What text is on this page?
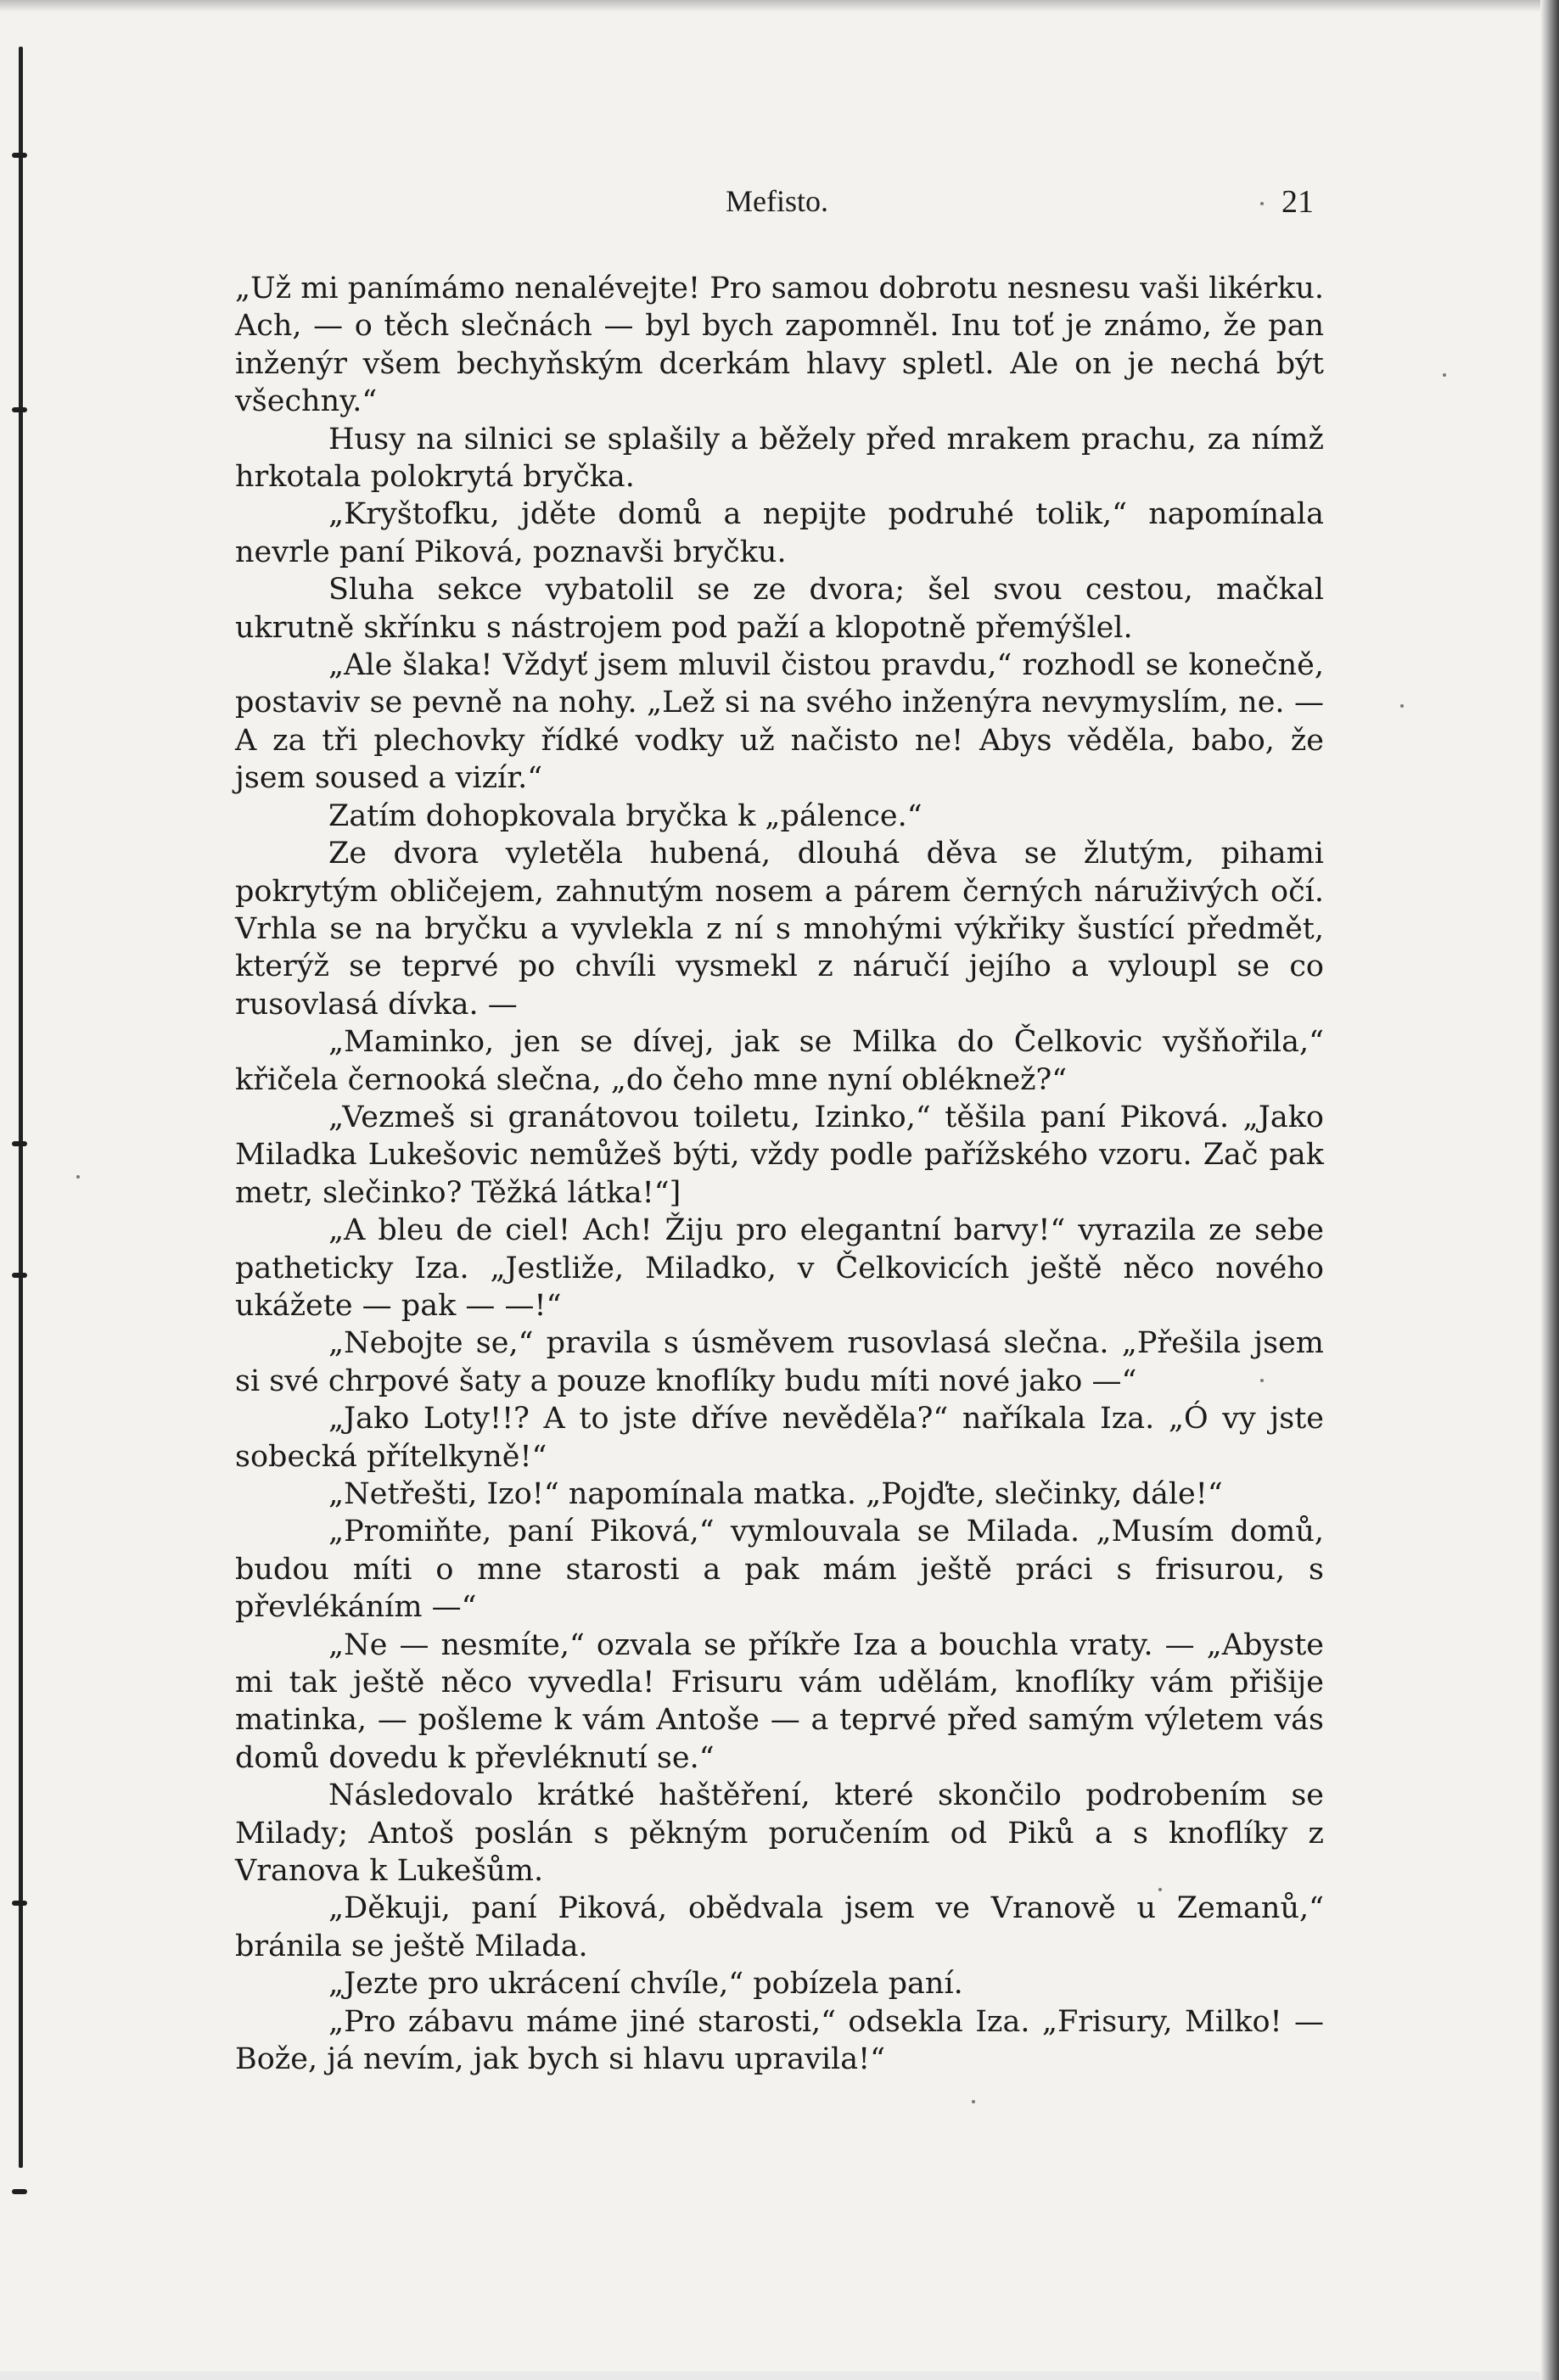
Mefisto.	21

„Už mi panímámo nenalévejte! Pro samou dobrotu nesnesu vaši likérku. Ach, — o těch slečnách — byl bych zapomněl. Inu toť je známo, že pan inženýr všem bechyňským dcerkám hlavy spletl. Ale on je nechá být všechny.“

Husy na silnici se splašily a běžely před mrakem prachu, za nímž hrkotala polokrytá bryčka.

„Kryštofku, jděte domů a nepijte podruhé tolik,“ napomínala nevrle paní Piková, poznavši bryčku.

Sluha sekce vybatolil se ze dvora; šel svou cestou, mačkal ukrutně skřínku s nástrojem pod paží a klopotně přemýšlel.

„Ale šlaka! Vždyť jsem mluvil čistou pravdu,“ rozhodl se konečně, postaviv se pevně na nohy. „Lež si na svého inženýra nevymyslím, ne. — A za tři plechovky řídké vodky už načisto ne! Abys věděla, babo, že jsem soused a vizír.“

Zatím dohopkovala bryčka k „pálence.“

Ze dvora vyletěla hubená, dlouhá děva se žlutým, pihami pokrytým obličejem, zahnutým nosem a párem černých náruživých očí. Vrhla se na bryčku a vyvlekla z ní s mnohými výkřiky šustící předmět, kterýž se teprvé po chvíli vysmekl z náručí jejího a vyloupl se co rusovlasá dívka. —

„Maminko, jen se dívej, jak se Milka do Čelkovic vyšňořila,“ křičela černooká slečna, „do čeho mne nyní obléknež?“

„Vezmeš si granátovou toiletu, Izinko,“ těšila paní Piková. „Jako Miladka Lukešovic nemůžeš býti, vždy podle pařížského vzoru. Zač pak metr, slečinko? Těžká látka!“]

„A bleu de ciel! Ach! Žiju pro elegantní barvy!“ vyrazila ze sebe patheticky Iza. „Jestliže, Miladko, v Čelkovicích ještě něco nového ukážete — pak — —!“

„Nebojte se,“ pravila s úsměvem rusovlasá slečna. „Přešila jsem si své chrpové šaty a pouze knoflíky budu míti nové jako —“

„Jako Loty!!? A to jste dříve nevěděla?“ naříkala Iza. „Ó vy jste sobecká přítelkyně!“

„Netřešti, Izo!“ napomínala matka. „Pojďte, slečinky, dále!“

„Promiňte, paní Piková,“ vymlouvala se Milada. „Musím domů, budou míti o mne starosti a pak mám ještě práci s frisurou, s převlékáním —“

„Ne — nesmíte,“ ozvala se příkře Iza a bouchla vraty. — „Abyste mi tak ještě něco vyvedla! Frisuru vám udělám, knoflíky vám přišije matinka, — pošleme k vám Antoše — a teprvé před samým výletem vás domů dovedu k převléknutí se.“

Následovalo krátké haštěření, které skončilo podrobením se Milady; Antoš poslán s pěkným poručením od Piků a s knoflíky z Vranova k Lukešům.

„Děkuji, paní Piková, obědvala jsem ve Vranově u Zemanů,“ bránila se ještě Milada.

„Jezte pro ukrácení chvíle,“ pobízela paní.

„Pro zábavu máme jiné starosti,“ odsekla Iza. „Frisury, Milko! — Bože, já nevím, jak bych si hlavu upravila!“
